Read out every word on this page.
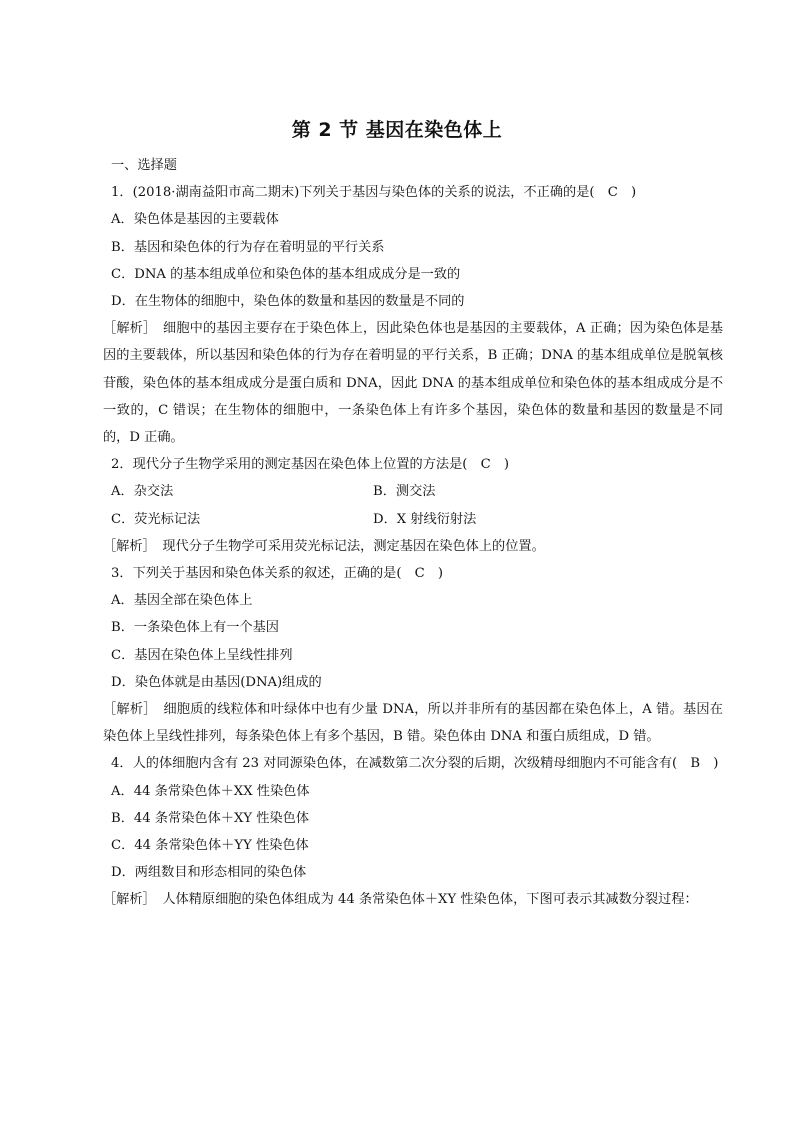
第 2 节 基因在染色体上
一、选择题
1．(2018·湖南益阳市高二期末)下列关于基因与染色体的关系的说法，不正确的是(　C　)
A．染色体是基因的主要载体
B．基因和染色体的行为存在着明显的平行关系
C．DNA 的基本组成单位和染色体的基本组成成分是一致的
D．在生物体的细胞中，染色体的数量和基因的数量是不同的
［解析］　细胞中的基因主要存在于染色体上，因此染色体也是基因的主要载体，A 正确；因为染色体是基因的主要载体，所以基因和染色体的行为存在着明显的平行关系，B 正确；DNA 的基本组成单位是脱氧核苷酸，染色体的基本组成成分是蛋白质和 DNA，因此 DNA 的基本组成单位和染色体的基本组成成分是不一致的，C 错误；在生物体的细胞中，一条染色体上有许多个基因，染色体的数量和基因的数量是不同的，D 正确。
2．现代分子生物学采用的测定基因在染色体上位置的方法是(　C　)
A．杂交法	B．测交法
C．荧光标记法	D．X 射线衍射法
［解析］　现代分子生物学可采用荧光标记法，测定基因在染色体上的位置。
3．下列关于基因和染色体关系的叙述，正确的是(　C　)
A．基因全部在染色体上
B．一条染色体上有一个基因
C．基因在染色体上呈线性排列
D．染色体就是由基因(DNA)组成的
［解析］　细胞质的线粒体和叶绿体中也有少量 DNA，所以并非所有的基因都在染色体上，A 错。基因在染色体上呈线性排列，每条染色体上有多个基因，B 错。染色体由 DNA 和蛋白质组成，D 错。
4．人的体细胞内含有 23 对同源染色体，在减数第二次分裂的后期，次级精母细胞内不可能含有(　B　)
A．44 条常染色体＋XX 性染色体
B．44 条常染色体＋XY 性染色体
C．44 条常染色体＋YY 性染色体
D．两组数目和形态相同的染色体
［解析］　人体精原细胞的染色体组成为 44 条常染色体＋XY 性染色体，下图可表示其减数分裂过程：
